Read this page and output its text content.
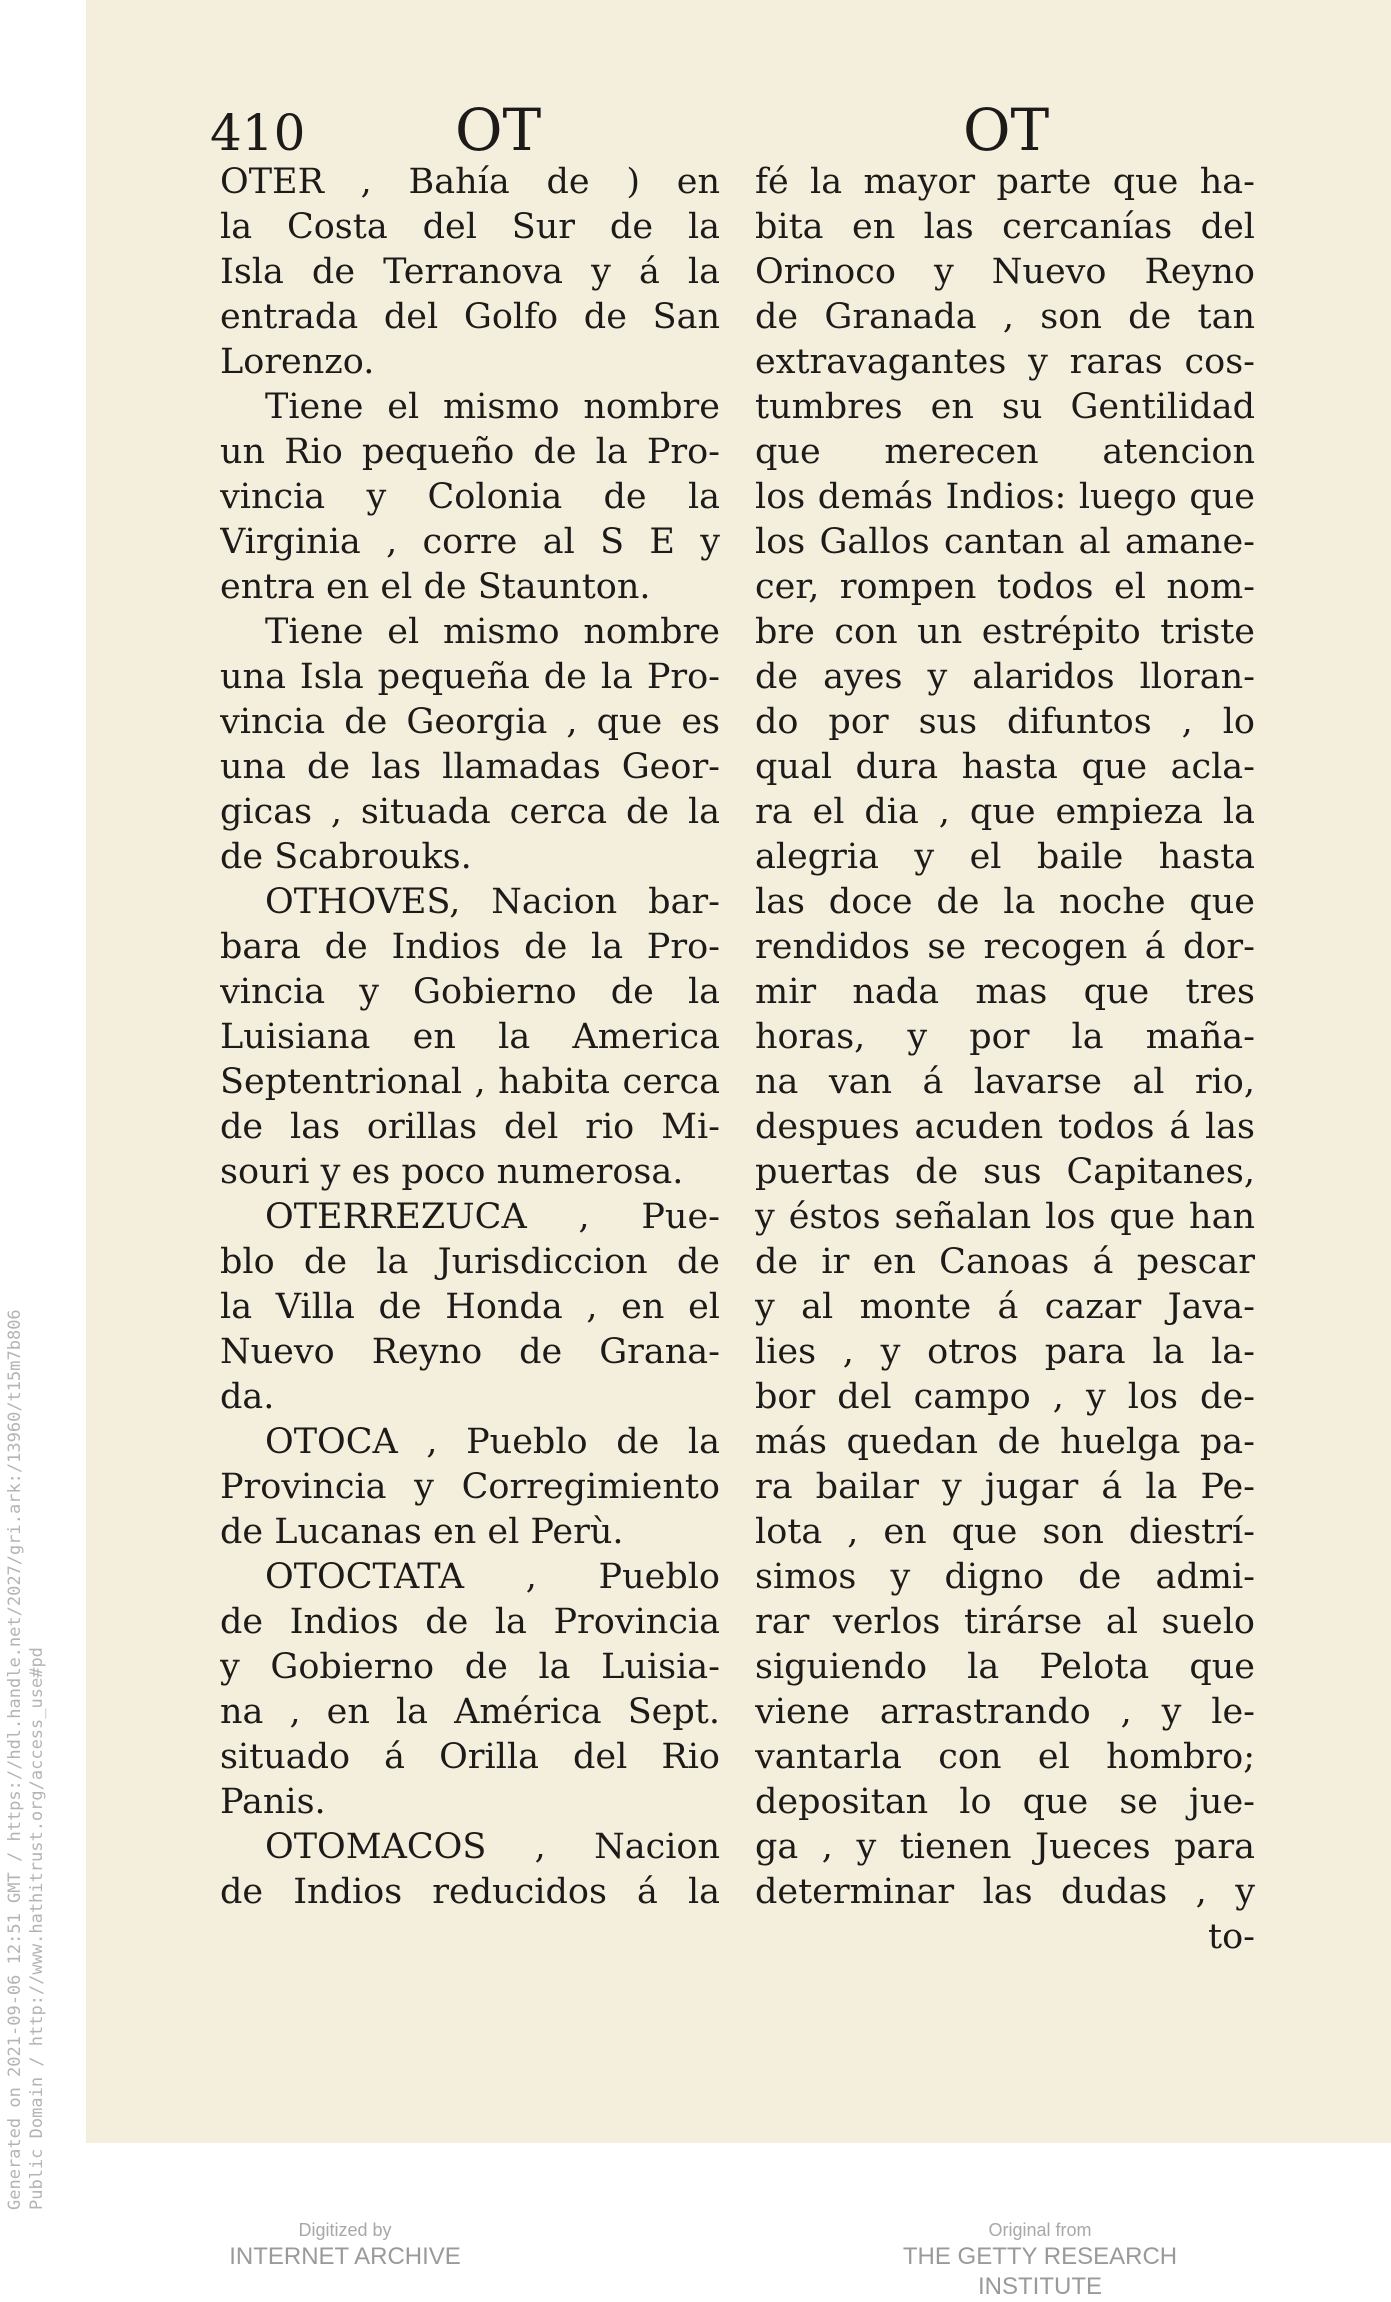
Generated on 2021-09-06 12:51 GMT / https://hdl.handle.net/2027/gri.ark:/13960/t15m7b806 Public Domain / http://www.hathitrust.org/access_use#pd
410	OT	OT
OTER , Bahía de ) en
la Costa del Sur de la
Isla de Terranova y á la
entrada del Golfo de San
Lorenzo.
Tiene el mismo nombre
un Rio pequeño de la Pro-
vincia y Colonia de la
Virginia , corre al S E y
entra en el de Staunton.
Tiene el mismo nombre
una Isla pequeña de la Pro-
vincia de Georgia , que es
una de las llamadas Geor-
gicas , situada cerca de la
de Scabrouks.
OTHOVES, Nacion bar-
bara de Indios de la Pro-
vincia y Gobierno de la
Luisiana en la America
Septentrional , habita cerca
de las orillas del rio Mi-
souri y es poco numerosa.
OTERREZUCA , Pue-
blo de la Jurisdiccion de
la Villa de Honda , en el
Nuevo Reyno de Grana-
da.
OTOCA , Pueblo de la
Provincia y Corregimiento
de Lucanas en el Perù.
OTOCTATA , Pueblo
de Indios de la Provincia
y Gobierno de la Luisia-
na , en la América Sept.
situado á Orilla del Rio
Panis.
OTOMACOS , Nacion
de Indios reducidos á la
fé la mayor parte que ha-
bita en las cercanías del
Orinoco y Nuevo Reyno
de Granada , son de tan
extravagantes y raras cos-
tumbres en su Gentilidad
que merecen atencion
los demás Indios: luego que
los Gallos cantan al amane-
cer, rompen todos el nom-
bre con un estrépito triste
de ayes y alaridos lloran-
do por sus difuntos , lo
qual dura hasta que acla-
ra el dia , que empieza la
alegria y el baile hasta
las doce de la noche que
rendidos se recogen á dor-
mir nada mas que tres
horas, y por la maña-
na van á lavarse al rio,
despues acuden todos á las
puertas de sus Capitanes,
y éstos señalan los que han
de ir en Canoas á pescar
y al monte á cazar Java-
lies , y otros para la la-
bor del campo , y los de-
más quedan de huelga pa-
ra bailar y jugar á la Pe-
lota , en que son diestrí-
simos y digno de admi-
rar verlos tirárse al suelo
siguiendo la Pelota que
viene arrastrando , y le-
vantarla con el hombro;
depositan lo que se jue-
ga , y tienen Jueces para
determinar las dudas , y
to-
Digitized by
INTERNET ARCHIVE
Original from
THE GETTY RESEARCH INSTITUTE
